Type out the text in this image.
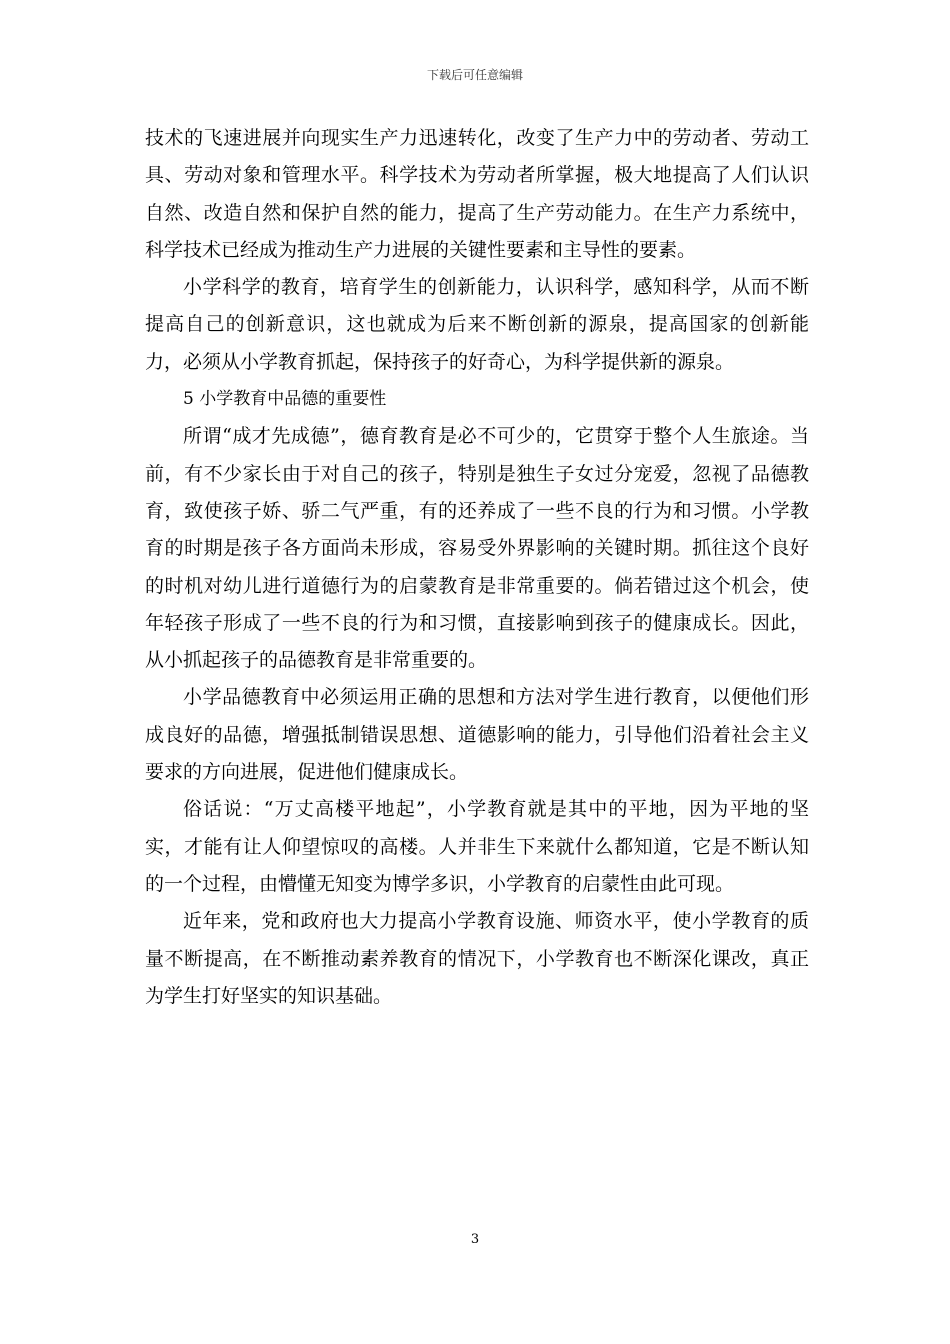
下载后可任意编辑

技术的飞速进展并向现实生产力迅速转化，改变了生产力中的劳动者、劳动工具、劳动对象和管理水平。科学技术为劳动者所掌握，极大地提高了人们认识自然、改造自然和保护自然的能力，提高了生产劳动能力。在生产力系统中，科学技术已经成为推动生产力进展的关键性要素和主导性的要素。

小学科学的教育，培育学生的创新能力，认识科学，感知科学，从而不断提高自己的创新意识，这也就成为后来不断创新的源泉，提高国家的创新能力，必须从小学教育抓起，保持孩子的好奇心，为科学提供新的源泉。

5 小学教育中品德的重要性

所谓“成才先成德”，德育教育是必不可少的，它贯穿于整个人生旅途。当前，有不少家长由于对自己的孩子，特别是独生子女过分宠爱，忽视了品德教育，致使孩子娇、骄二气严重，有的还养成了一些不良的行为和习惯。小学教育的时期是孩子各方面尚未形成，容易受外界影响的关键时期。抓往这个良好的时机对幼儿进行道德行为的启蒙教育是非常重要的。倘若错过这个机会，使年轻孩子形成了一些不良的行为和习惯，直接影响到孩子的健康成长。因此，从小抓起孩子的品德教育是非常重要的。

小学品德教育中必须运用正确的思想和方法对学生进行教育，以便他们形成良好的品德，增强抵制错误思想、道德影响的能力，引导他们沿着社会主义要求的方向进展，促进他们健康成长。

俗话说：“万丈高楼平地起”，小学教育就是其中的平地，因为平地的坚实，才能有让人仰望惊叹的高楼。人并非生下来就什么都知道，它是不断认知的一个过程，由懵懂无知变为博学多识，小学教育的启蒙性由此可现。

近年来，党和政府也大力提高小学教育设施、师资水平，使小学教育的质量不断提高，在不断推动素养教育的情况下，小学教育也不断深化课改，真正为学生打好坚实的知识基础。

3
